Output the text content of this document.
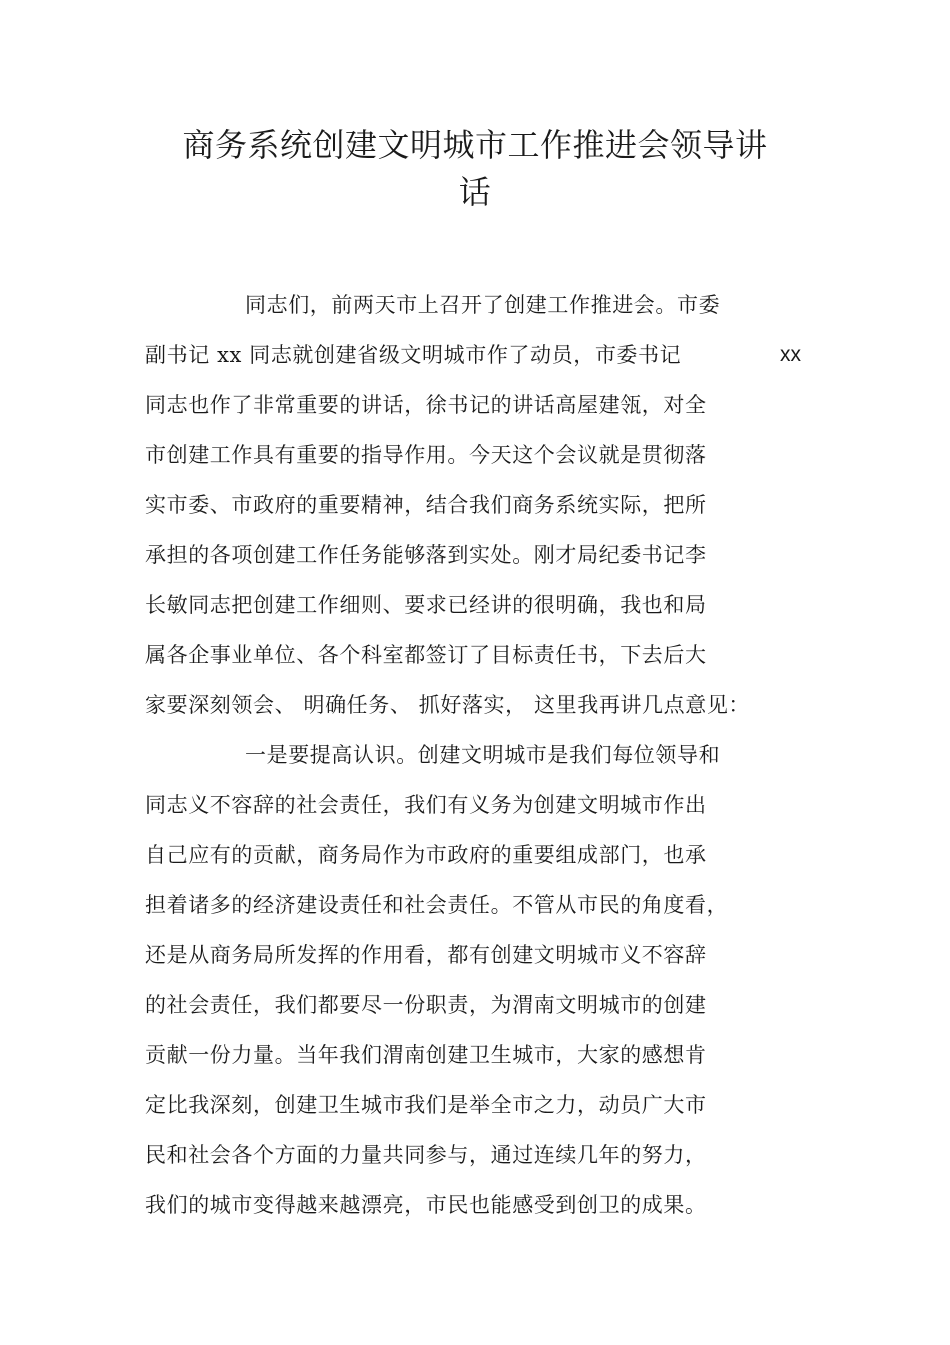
商务系统创建文明城市工作推进会领导讲
话
同志们，前两天市上召开了创建工作推进会。市委
副书记 xx 同志就创建省级文明城市作了动员，市委书记	xx
同志也作了非常重要的讲话，徐书记的讲话高屋建瓴，对全
市创建工作具有重要的指导作用。今天这个会议就是贯彻落
实市委、市政府的重要精神，结合我们商务系统实际，把所
承担的各项创建工作任务能够落到实处。刚才局纪委书记李
长敏同志把创建工作细则、要求已经讲的很明确，我也和局
属各企事业单位、各个科室都签订了目标责任书，下去后大
家要深刻领会、 明确任务、 抓好落实， 这里我再讲几点意见：
一是要提高认识。创建文明城市是我们每位领导和
同志义不容辞的社会责任，我们有义务为创建文明城市作出
自己应有的贡献，商务局作为市政府的重要组成部门，也承
担着诸多的经济建设责任和社会责任。不管从市民的角度看，
还是从商务局所发挥的作用看，都有创建文明城市义不容辞
的社会责任，我们都要尽一份职责，为渭南文明城市的创建
贡献一份力量。当年我们渭南创建卫生城市，大家的感想肯
定比我深刻，创建卫生城市我们是举全市之力，动员广大市
民和社会各个方面的力量共同参与，通过连续几年的努力，
我们的城市变得越来越漂亮，市民也能感受到创卫的成果。
